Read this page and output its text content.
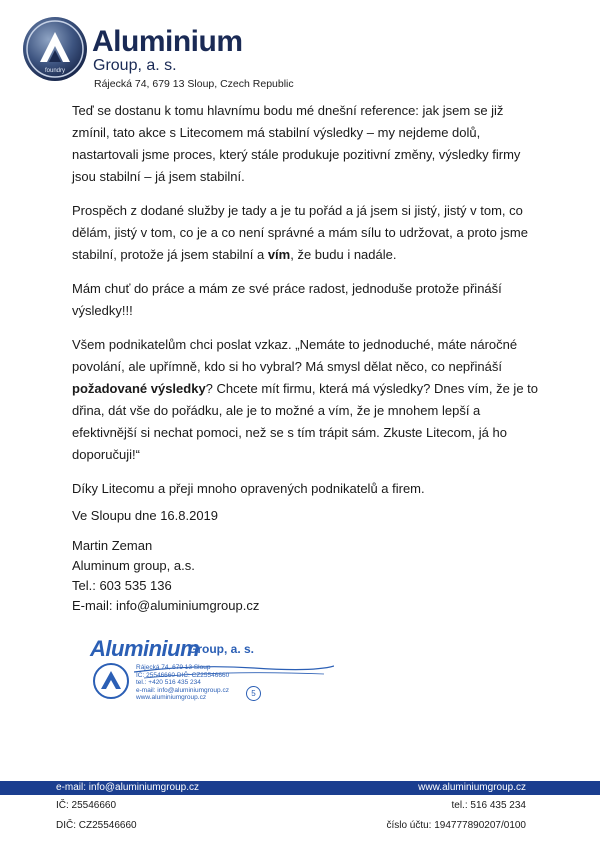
foundry
Aluminium
Group, a. s.
Rájecká 74, 679 13 Sloup, Czech Republic

Teď se dostanu k tomu hlavnímu bodu mé dnešní reference: jak jsem se již zmínil, tato akce s Litecomem má stabilní výsledky – my nejdeme dolů, nastartovali jsme proces, který stále produkuje pozitivní změny, výsledky firmy jsou stabilní – já jsem stabilní.

Prospěch z dodané služby je tady a je tu pořád a já jsem si jistý, jistý v tom, co dělám, jistý v tom, co je a co není správné a mám sílu to udržovat, a proto jsme stabilní, protože já jsem stabilní a vím, že budu i nadále.

Mám chuť do práce a mám ze své práce radost, jednoduše protože přináší výsledky!!!

Všem podnikatelům chci poslat vzkaz. „Nemáte to jednoduché, máte náročné povolání, ale upřímně, kdo si ho vybral? Má smysl dělat něco, co nepřináší požadované výsledky? Chcete mít firmu, která má výsledky? Dnes vím, že je to dřina, dát vše do pořádku, ale je to možné a vím, že je mnohem lepší a efektivnější si nechat pomoci, než se s tím trápit sám. Zkuste Litecom, já ho doporučuji!“

Díky Litecomu a přeji mnoho opravených podnikatelů a firem.

Ve Sloupu dne 16.8.2019
Martin Zeman
Aluminum group, a.s.
Tel.: 603 535 136
E-mail: info@aluminiumgroup.cz
Aluminium
Group, a. s.
Rájecká 74, 679 13 Sloup
IČ: 25546660 DIČ: CZ25546660
tel.: +420 516 435 234
e-mail: info@aluminiumgroup.cz
www.aluminiumgroup.cz	5
e-mail: info@aluminiumgroup.cz	www.aluminiumgroup.cz
IČ: 25546660	tel.: 516 435 234
DIČ: CZ25546660	číslo účtu: 194777890207/0100
